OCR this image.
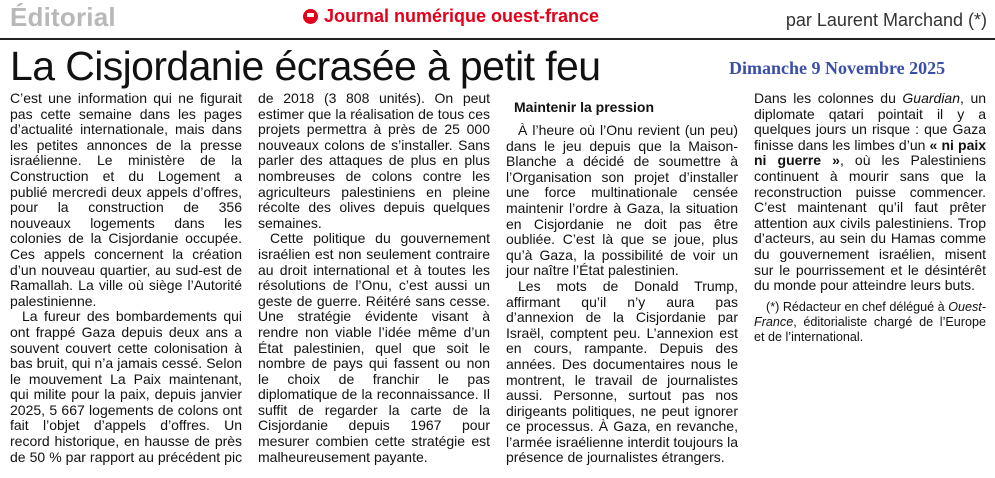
Éditorial	Journal numérique ouest-france	par Laurent Marchand (*)
La Cisjordanie écrasée à petit feu	Dimanche 9 Novembre 2025

C’est une information qui ne figurait pas cette semaine dans les pages d’actualité internationale, mais dans les petites annonces de la presse israélienne. Le ministère de la Construction et du Logement a publié mercredi deux appels d’offres, pour la construction de 356 nouveaux logements dans les colonies de la Cisjordanie occupée. Ces appels concernent la création d’un nouveau quartier, au sud-est de Ramallah. La ville où siège l’Autorité palestinienne.

La fureur des bombardements qui ont frappé Gaza depuis deux ans a souvent couvert cette colonisation à bas bruit, qui n’a jamais cessé. Selon le mouvement La Paix maintenant, qui milite pour la paix, depuis janvier 2025, 5 667 logements de colons ont fait l’objet d’appels d’offres. Un record historique, en hausse de près de 50 % par rapport au précédent pic

de 2018 (3 808 unités). On peut estimer que la réalisation de tous ces projets permettra à près de 25 000 nouveaux colons de s’installer. Sans parler des attaques de plus en plus nombreuses de colons contre les agriculteurs palestiniens en pleine récolte des olives depuis quelques semaines.

Cette politique du gouvernement israélien est non seulement contraire au droit international et à toutes les résolutions de l’Onu, c’est aussi un geste de guerre. Réitéré sans cesse. Une stratégie évidente visant à rendre non viable l’idée même d’un État palestinien, quel que soit le nombre de pays qui fassent ou non le choix de franchir le pas diplomatique de la reconnaissance. Il suffit de regarder la carte de la Cisjordanie depuis 1967 pour mesurer combien cette stratégie est malheureusement payante.

Maintenir la pression

À l’heure où l’Onu revient (un peu) dans le jeu depuis que la Maison-Blanche a décidé de soumettre à l’Organisation son projet d’installer une force multinationale censée maintenir l’ordre à Gaza, la situation en Cisjordanie ne doit pas être oubliée. C’est là que se joue, plus qu’à Gaza, la possibilité de voir un jour naître l’État palestinien.

Les mots de Donald Trump, affirmant qu’il n’y aura pas d’annexion de la Cisjordanie par Israël, comptent peu. L’annexion est en cours, rampante. Depuis des années. Des documentaires nous le montrent, le travail de journalistes aussi. Personne, surtout pas nos dirigeants politiques, ne peut ignorer ce processus. À Gaza, en revanche, l’armée israélienne interdit toujours la présence de journalistes étrangers.

Dans les colonnes du Guardian, un diplomate qatari pointait il y a quelques jours un risque : que Gaza finisse dans les limbes d’un « ni paix ni guerre », où les Palestiniens continuent à mourir sans que la reconstruction puisse commencer. C’est maintenant qu’il faut prêter attention aux civils palestiniens. Trop d’acteurs, au sein du Hamas comme du gouvernement israélien, misent sur le pourrissement et le désintérêt du monde pour atteindre leurs buts.

(*) Rédacteur en chef délégué à Ouest-France, éditorialiste chargé de l’Europe et de l’international.
